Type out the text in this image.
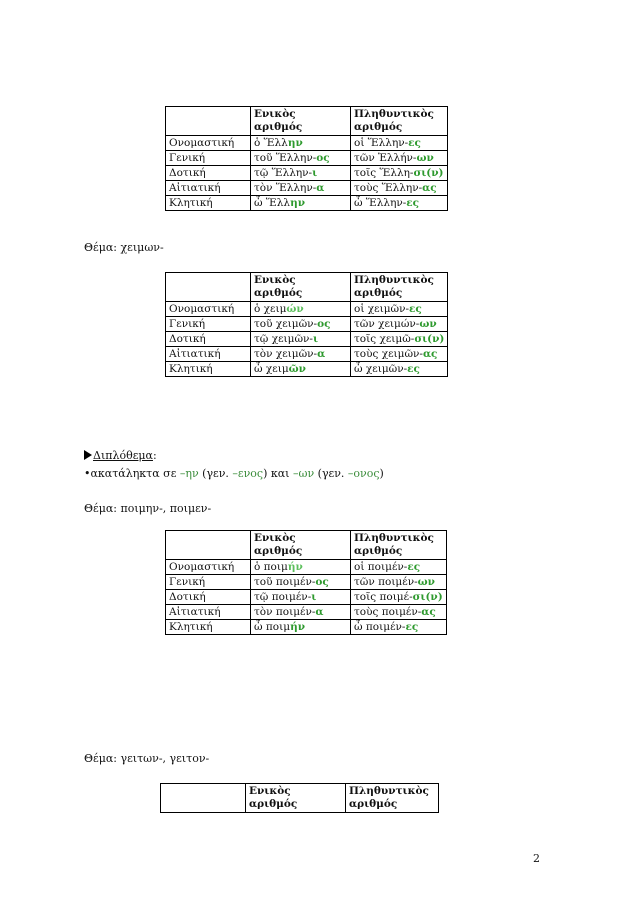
	Ενικὸς αριθμός	Πληθυντικὸς αριθμός
Ονομαστική	ὁ Ἕλλην	οἱ Ἕλλην-ες
Γενική	τοῦ Ἕλλην-ος	τῶν Ἑλλήν-ων
Δοτική	τῷ Ἕλλην-ι	τοῖς Ἕλλη-σι(ν)
Αἰτιατική	τὸν Ἕλλην-α	τοὺς Ἕλλην-ας
Κλητική	ὦ Ἕλλην	ὦ Ἕλλην-ες
Θέμα: χειμων-
	Ενικὸς αριθμός	Πληθυντικὸς αριθμός
Ονομαστική	ὁ χειμών	οἱ χειμῶν-ες
Γενική	τοῦ χειμῶν-ος	τῶν χειμών-ων
Δοτική	τῷ χειμῶν-ι	τοῖς χειμῶ-σι(ν)
Αἰτιατική	τὸν χειμῶν-α	τοὺς χειμῶν-ας
Κλητική	ὦ χειμῶν	ὦ χειμῶν-ες
Διπλόθεμα:
•ακατάληκτα σε –ην (γεν. –ενος) και –ων (γεν. –ονος)
Θέμα: ποιμην-, ποιμεν-
	Ενικὸς αριθμός	Πληθυντικὸς αριθμός
Ονομαστική	ὁ ποιμήν	οἱ ποιμέν-ες
Γενική	τοῦ ποιμέν-ος	τῶν ποιμέν-ων
Δοτική	τῷ ποιμέν-ι	τοῖς ποιμέ-σι(ν)
Αἰτιατική	τὸν ποιμέν-α	τοὺς ποιμέν-ας
Κλητική	ὦ ποιμήν	ὦ ποιμέν-ες
Θέμα: γειτων-, γειτον-
	Ενικὸς αριθμός	Πληθυντικὸς αριθμός
2
